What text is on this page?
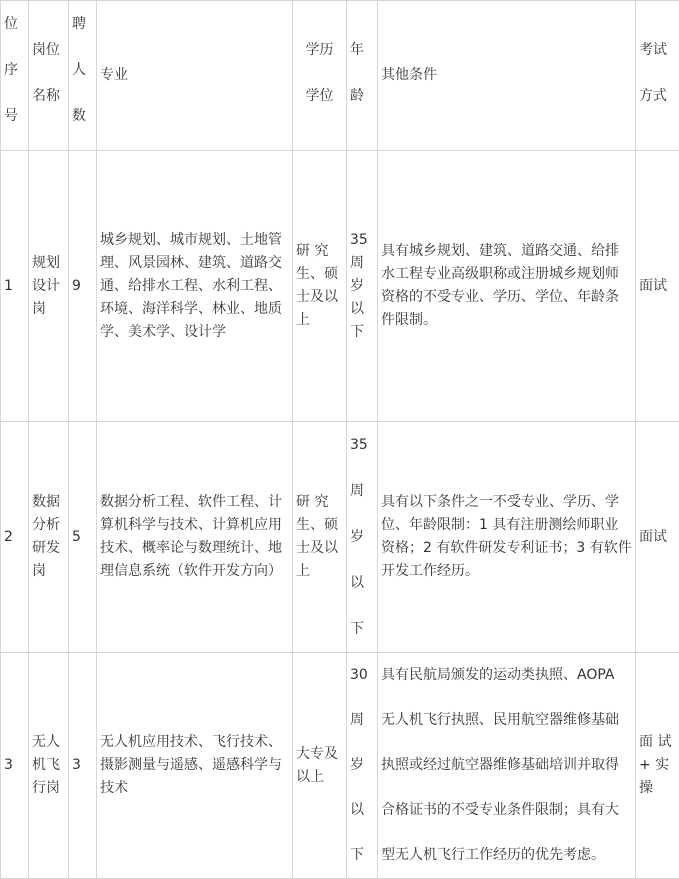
位
序
号	岗位
名称	聘
人
数	专业	学历
学位	年
龄	其他条件	考试
方式
1	规划
设计
岗	9	城乡规划、城市规划、土地管理、风景园林、建筑、道路交通、给排水工程、水利工程、环境、海洋科学、林业、地质学、美术学、设计学	研 究
生、硕
士及以
上	35
周
岁
以
下	具有城乡规划、建筑、道路交通、给排水工程专业高级职称或注册城乡规划师资格的不受专业、学历、学位、年龄条件限制。	面试
2	数据
分析
研发
岗	5	数据分析工程、软件工程、计算机科学与技术、计算机应用技术、概率论与数理统计、地理信息系统（软件开发方向）	研 究
生、硕
士及以
上	35
周
岁
以
下	具有以下条件之一不受专业、学历、学位、年龄限制：1 具有注册测绘师职业资格；2 有软件研发专利证书；3 有软件开发工作经历。	面试
3	无人
机飞
行岗	3	无人机应用技术、飞行技术、摄影测量与遥感、遥感科学与技术	大专及
以上	30
周
岁
以
下	具有民航局颁发的运动类执照、AOPA 无人机飞行执照、民用航空器维修基础执照或经过航空器维修基础培训并取得合格证书的不受专业条件限制；具有大型无人机飞行工作经历的优先考虑。	面 试
+ 实
操
